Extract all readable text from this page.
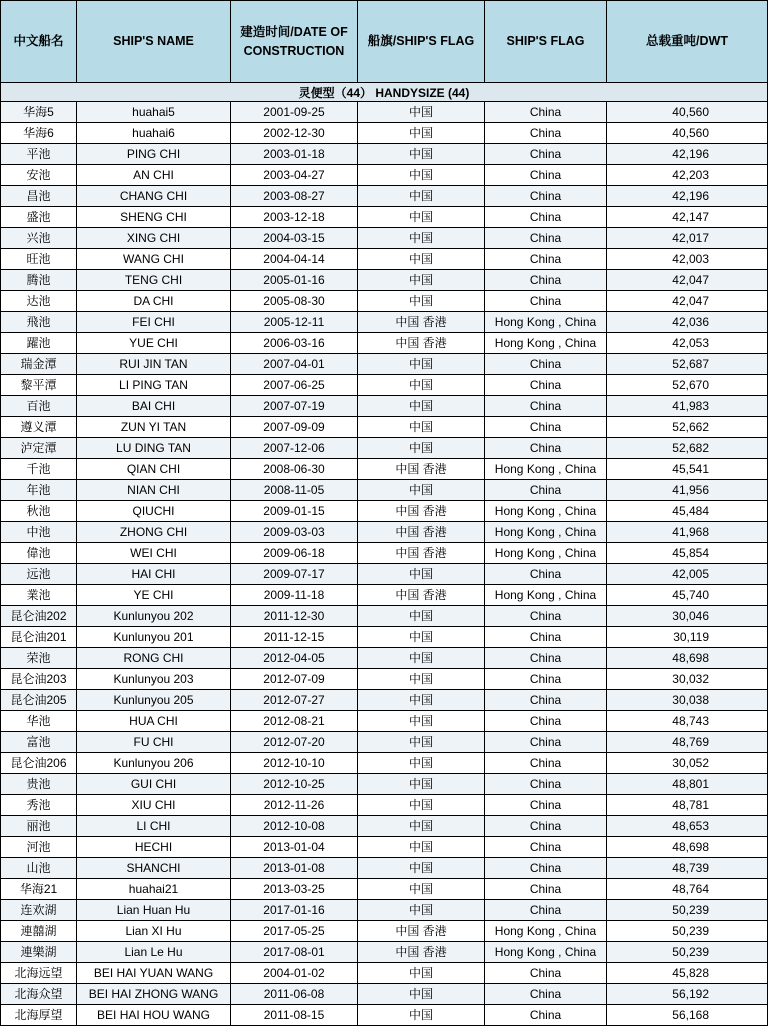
中文船名	SHIP'S NAME	建造时间/DATE OF CONSTRUCTION	船旗/SHIP'S FLAG	SHIP'S FLAG	总载重吨/DWT
灵便型（44） HANDYSIZE (44)					
华海5	huahai5	2001-09-25	中国	China	40,560
华海6	huahai6	2002-12-30	中国	China	40,560
平池	PING CHI	2003-01-18	中国	China	42,196
安池	AN CHI	2003-04-27	中国	China	42,203
昌池	CHANG CHI	2003-08-27	中国	China	42,196
盛池	SHENG CHI	2003-12-18	中国	China	42,147
兴池	XING CHI	2004-03-15	中国	China	42,017
旺池	WANG CHI	2004-04-14	中国	China	42,003
腾池	TENG CHI	2005-01-16	中国	China	42,047
达池	DA CHI	2005-08-30	中国	China	42,047
飛池	FEI CHI	2005-12-11	中国 香港	Hong Kong , China	42,036
躍池	YUE CHI	2006-03-16	中国 香港	Hong Kong , China	42,053
瑞金潭	RUI JIN TAN	2007-04-01	中国	China	52,687
黎平潭	LI PING TAN	2007-06-25	中国	China	52,670
百池	BAI CHI	2007-07-19	中国	China	41,983
遵义潭	ZUN YI TAN	2007-09-09	中国	China	52,662
泸定潭	LU DING TAN	2007-12-06	中国	China	52,682
千池	QIAN CHI	2008-06-30	中国 香港	Hong Kong , China	45,541
年池	NIAN CHI	2008-11-05	中国	China	41,956
秋池	QIUCHI	2009-01-15	中国 香港	Hong Kong , China	45,484
中池	ZHONG CHI	2009-03-03	中国 香港	Hong Kong , China	41,968
偉池	WEI CHI	2009-06-18	中国 香港	Hong Kong , China	45,854
远池	HAI CHI	2009-07-17	中国	China	42,005
業池	YE CHI	2009-11-18	中国 香港	Hong Kong , China	45,740
昆仑油202	Kunlunyou 202	2011-12-30	中国	China	30,046
昆仑油201	Kunlunyou 201	2011-12-15	中国	China	30,119
荣池	RONG CHI	2012-04-05	中国	China	48,698
昆仑油203	Kunlunyou 203	2012-07-09	中国	China	30,032
昆仑油205	Kunlunyou 205	2012-07-27	中国	China	30,038
华池	HUA CHI	2012-08-21	中国	China	48,743
富池	FU CHI	2012-07-20	中国	China	48,769
昆仑油206	Kunlunyou 206	2012-10-10	中国	China	30,052
贵池	GUI CHI	2012-10-25	中国	China	48,801
秀池	XIU CHI	2012-11-26	中国	China	48,781
丽池	LI CHI	2012-10-08	中国	China	48,653
河池	HECHI	2013-01-04	中国	China	48,698
山池	SHANCHI	2013-01-08	中国	China	48,739
华海21	huahai21	2013-03-25	中国	China	48,764
连欢湖	Lian Huan Hu	2017-01-16	中国	China	50,239
連囍湖	Lian XI Hu	2017-05-25	中国 香港	Hong Kong , China	50,239
連樂湖	Lian Le Hu	2017-08-01	中国 香港	Hong Kong , China	50,239
北海远望	BEI HAI YUAN WANG	2004-01-02	中国	China	45,828
北海众望	BEI HAI ZHONG WANG	2011-06-08	中国	China	56,192
北海厚望	BEI HAI HOU WANG	2011-08-15	中国	China	56,168
